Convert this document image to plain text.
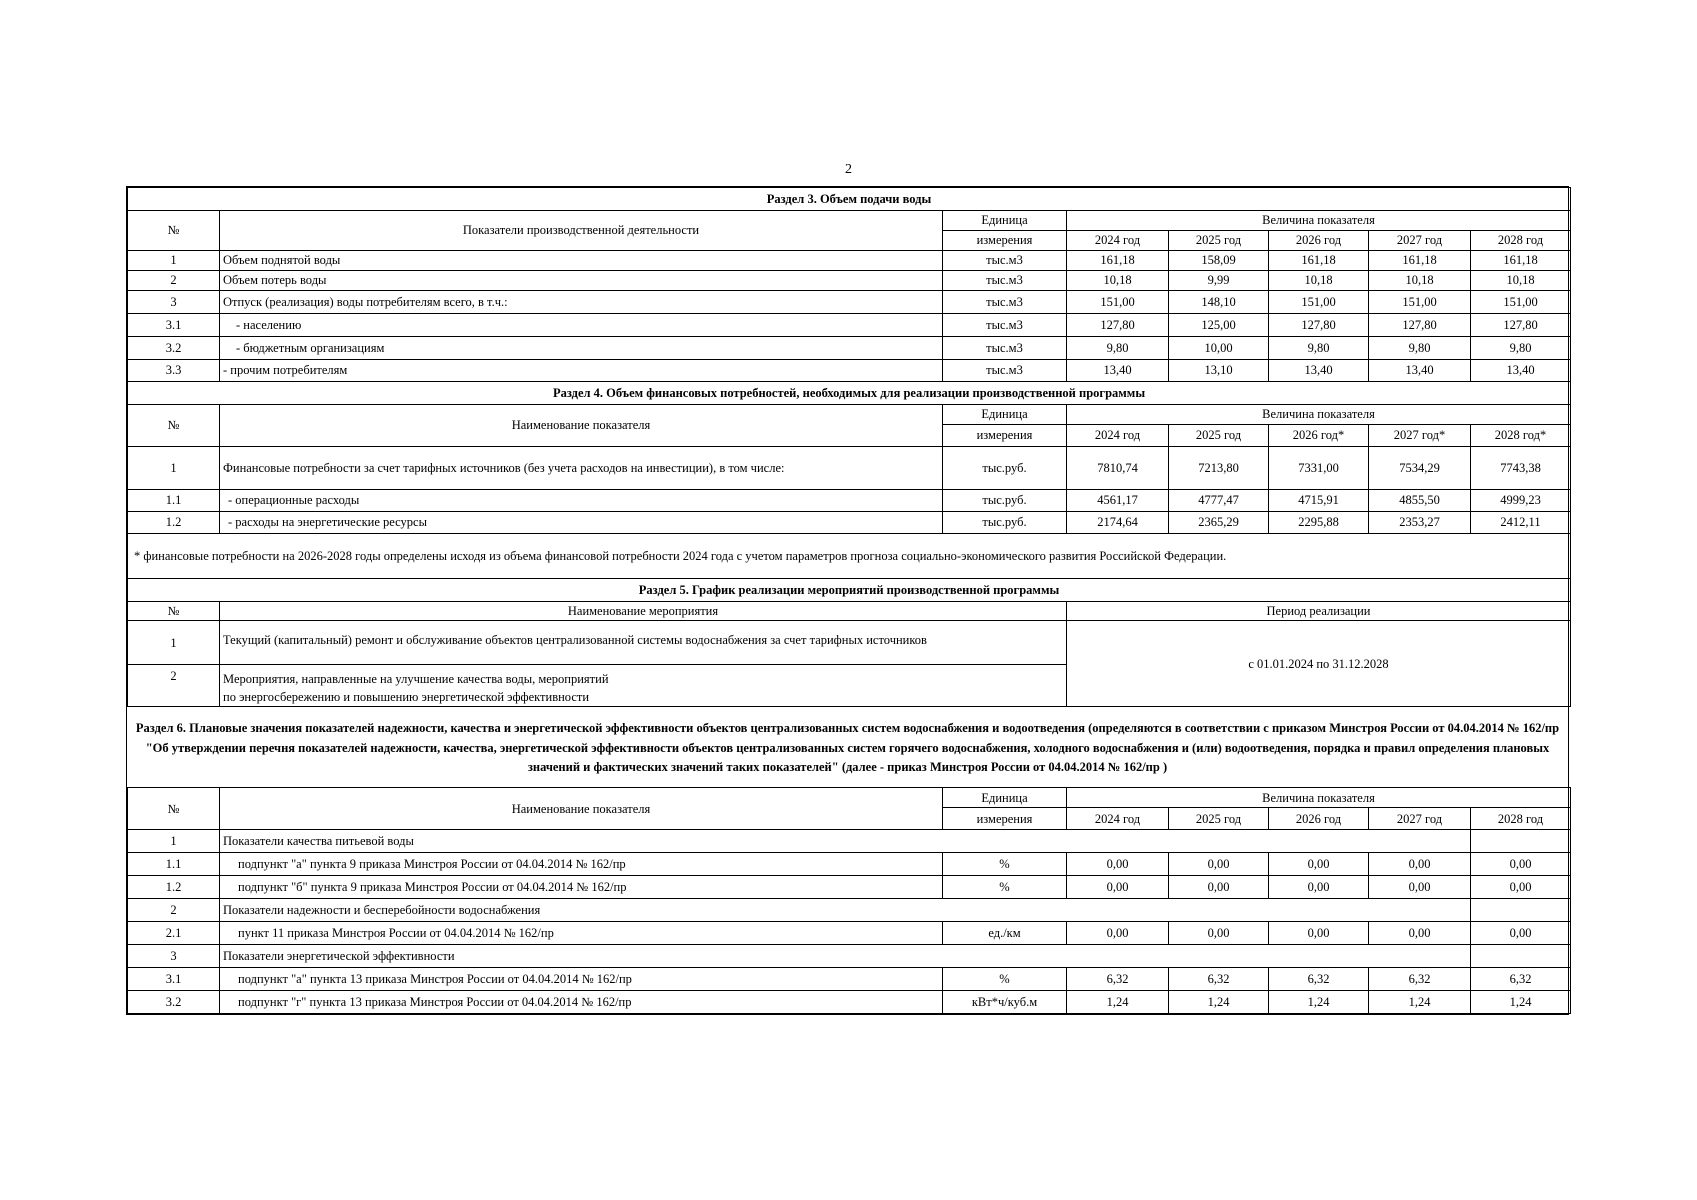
2
Раздел 3. Объем подачи воды							
№	Показатели производственной деятельности	Единица	Величина показателя				
		измерения	2024 год	2025 год	2026 год	2027 год	2028 год
1	Объем поднятой воды	тыс.м3	161,18	158,09	161,18	161,18	161,18
2	Объем потерь воды	тыс.м3	10,18	9,99	10,18	10,18	10,18
3	Отпуск (реализация) воды потребителям всего, в т.ч.:	тыс.м3	151,00	148,10	151,00	151,00	151,00
3.1	- населению	тыс.м3	127,80	125,00	127,80	127,80	127,80
3.2	- бюджетным организациям	тыс.м3	9,80	10,00	9,80	9,80	9,80
3.3	- прочим потребителям	тыс.м3	13,40	13,10	13,40	13,40	13,40
Раздел 4. Объем финансовых потребностей, необходимых для реализации производственной программы							
№	Наименование показателя	Единица	Величина показателя				
		измерения	2024 год	2025 год	2026 год*	2027 год*	2028 год*
1	Финансовые потребности за счет тарифных источников (без учета расходов на инвестиции), в том числе:	тыс.руб.	7810,74	7213,80	7331,00	7534,29	7743,38
1.1	- операционные расходы	тыс.руб.	4561,17	4777,47	4715,91	4855,50	4999,23
1.2	- расходы на энергетические ресурсы	тыс.руб.	2174,64	2365,29	2295,88	2353,27	2412,11
* финансовые потребности на 2026-2028 годы определены исходя из объема финансовой потребности 2024 года с учетом параметров прогноза социально-экономического развития Российской Федерации.							
Раздел 5. График реализации мероприятий производственной программы							
№	Наименование мероприятия		Период реализации				
1	Текущий (капитальный) ремонт и обслуживание объектов централизованной системы водоснабжения за счет тарифных источников		с 01.01.2024 по 31.12.2028				
2	Мероприятия, направленные на улучшение качества воды, мероприятий
по энергосбережению и повышению энергетической эффективности						
Раздел 6. Плановые значения показателей надежности, качества и энергетической эффективности объектов централизованных систем водоснабжения и водоотведения (определяются в соответствии с приказом Минстроя России от 04.04.2014 № 162/пр "Об утверждении перечня показателей надежности, качества, энергетической эффективности объектов централизованных систем горячего водоснабжения, холодного водоснабжения и (или) водоотведения, порядка и правил определения плановых значений и фактических значений таких показателей" (далее - приказ Минстроя России от 04.04.2014 № 162/пр )
№	Наименование показателя	Единица	Величина показателя				
		измерения	2024 год	2025 год	2026 год	2027 год	2028 год
1	Показатели качества питьевой воды						
1.1	подпункт "а" пункта 9 приказа Минстроя России от 04.04.2014 № 162/пр	%	0,00	0,00	0,00	0,00	0,00
1.2	подпункт "б" пункта 9 приказа Минстроя России от 04.04.2014 № 162/пр	%	0,00	0,00	0,00	0,00	0,00
2	Показатели надежности и бесперебойности водоснабжения						
2.1	пункт 11 приказа Минстроя России от 04.04.2014 № 162/пр	ед./км	0,00	0,00	0,00	0,00	0,00
3	Показатели энергетической эффективности						
3.1	подпункт "а" пункта 13 приказа Минстроя России от 04.04.2014 № 162/пр	%	6,32	6,32	6,32	6,32	6,32
3.2	подпункт "г" пункта 13 приказа Минстроя России от 04.04.2014 № 162/пр	кВт*ч/куб.м	1,24	1,24	1,24	1,24	1,24
